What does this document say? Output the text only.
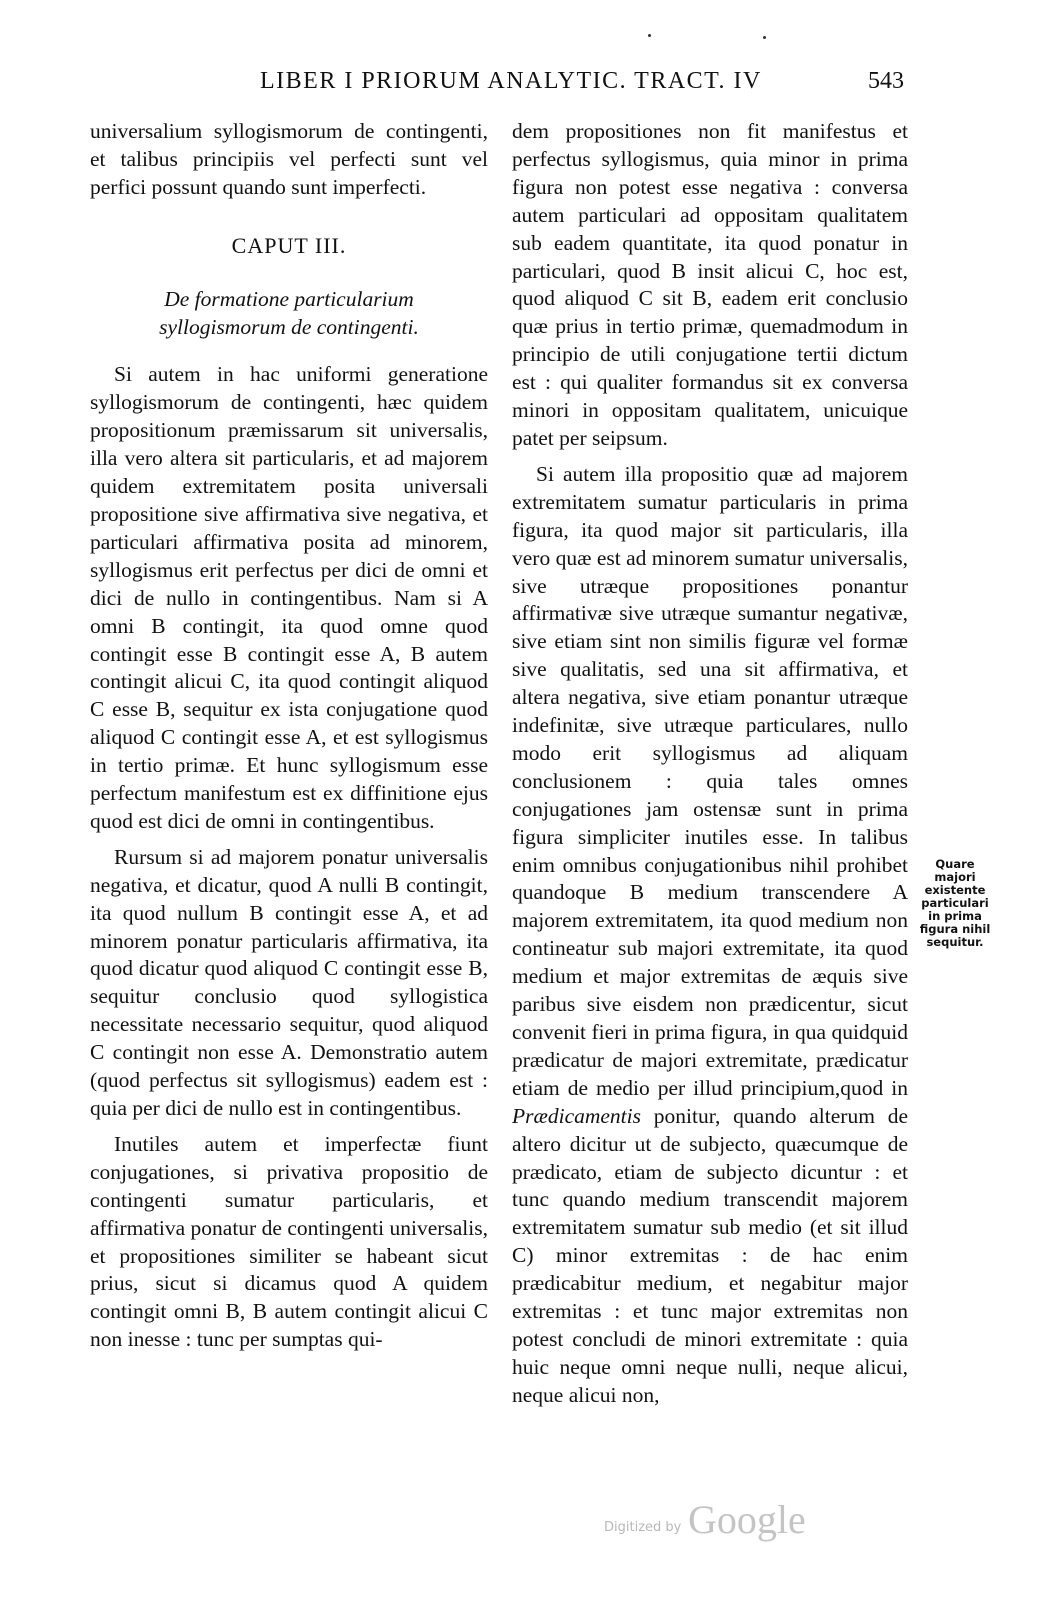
LIBER I PRIORUM ANALYTIC. TRACT. IV	543

universalium syllogismorum de contingenti, et talibus principiis vel perfecti sunt vel perfici possunt quando sunt imperfecti.

CAPUT III.

De formatione particularium syllogismorum de contingenti.

Si autem in hac uniformi generatione syllogismorum de contingenti, hæc quidem propositionum præmissarum sit universalis, illa vero altera sit particularis, et ad majorem quidem extremitatem posita universali propositione sive affirmativa sive negativa, et particulari affirmativa posita ad minorem, syllogismus erit perfectus per dici de omni et dici de nullo in contingentibus. Nam si A omni B contingit, ita quod omne quod contingit esse B contingit esse A, B autem contingit alicui C, ita quod contingit aliquod C esse B, sequitur ex ista conjugatione quod aliquod C contingit esse A, et est syllogismus in tertio primæ. Et hunc syllogismum esse perfectum manifestum est ex diffinitione ejus quod est dici de omni in contingentibus.

Rursum si ad majorem ponatur universalis negativa, et dicatur, quod A nulli B contingit, ita quod nullum B contingit esse A, et ad minorem ponatur particularis affirmativa, ita quod dicatur quod aliquod C contingit esse B, sequitur conclusio quod syllogistica necessitate necessario sequitur, quod aliquod C contingit non esse A. Demonstratio autem (quod perfectus sit syllogismus) eadem est : quia per dici de nullo est in contingentibus.

Inutiles autem et imperfectæ fiunt conjugationes, si privativa propositio de contingenti sumatur particularis, et affirmativa ponatur de contingenti universalis, et propositiones similiter se habeant sicut prius, sicut si dicamus quod A quidem contingit omni B, B autem contingit alicui C non inesse : tunc per sumptas qui-

dem propositiones non fit manifestus et perfectus syllogismus, quia minor in prima figura non potest esse negativa : conversa autem particulari ad oppositam qualitatem sub eadem quantitate, ita quod ponatur in particulari, quod B insit alicui C, hoc est, quod aliquod C sit B, eadem erit conclusio quæ prius in tertio primæ, quemadmodum in principio de utili conjugatione tertii dictum est : qui qualiter formandus sit ex conversa minori in oppositam qualitatem, unicuique patet per seipsum.

Si autem illa propositio quæ ad majorem extremitatem sumatur particularis in prima figura, ita quod major sit particularis, illa vero quæ est ad minorem sumatur universalis, sive utræque propositiones ponantur affirmativæ sive utræque sumantur negativæ, sive etiam sint non similis figuræ vel formæ sive qualitatis, sed una sit affirmativa, et altera negativa, sive etiam ponantur utræque indefinitæ, sive utræque particulares, nullo modo erit syllogismus ad aliquam conclusionem : quia tales omnes conjugationes jam ostensæ sunt in prima figura simpliciter inutiles esse. In talibus enim omnibus conjugationibus nihil prohibet quandoque B medium transcendere A majorem extremitatem, ita quod medium non contineatur sub majori extremitate, ita quod medium et major extremitas de æquis sive paribus sive eisdem non prædicentur, sicut convenit fieri in prima figura, in qua quidquid prædicatur de majori extremitate, prædicatur etiam de medio per illud principium,quod in Prædicamentis ponitur, quando alterum de altero dicitur ut de subjecto, quæcumque de prædicato, etiam de subjecto dicuntur : et tunc quando medium transcendit majorem extremitatem sumatur sub medio (et sit illud C) minor extremitas : de hac enim prædicabitur medium, et negabitur major extremitas : et tunc major extremitas non potest concludi de minori extremitate : quia huic neque omni neque nulli, neque alicui, neque alicui non,

Quare majori existente particulari in prima figura nihil sequitur.
Digitized by Google
